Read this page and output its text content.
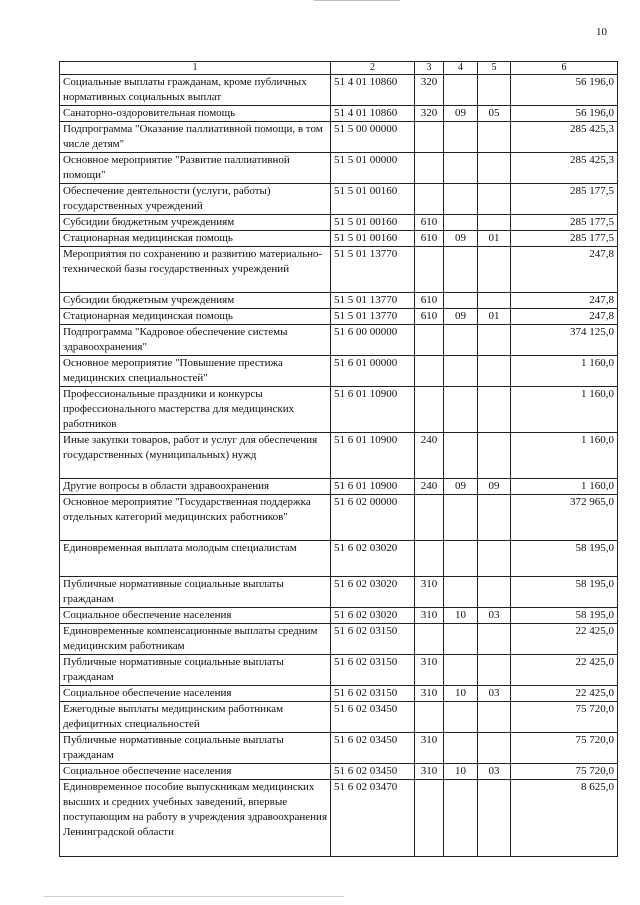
10
1	2	3	4	5	6
Социальные выплаты гражданам, кроме публичных нормативных социальных выплат	51 4 01 10860	320			56 196,0
Санаторно-оздоровительная помощь	51 4 01 10860	320	09	05	56 196,0
Подпрограмма "Оказание паллиативной помощи, в том числе детям"	51 5 00 00000				285 425,3
Основное мероприятие "Развитие паллиативной помощи"	51 5 01 00000				285 425,3
Обеспечение деятельности (услуги, работы) государственных учреждений	51 5 01 00160				285 177,5
Субсидии бюджетным учреждениям	51 5 01 00160	610			285 177,5
Стационарная медицинская помощь	51 5 01 00160	610	09	01	285 177,5
Мероприятия по сохранению и развитию материально-технической базы государственных учреждений	51 5 01 13770				247,8
Субсидии бюджетным учреждениям	51 5 01 13770	610			247,8
Стационарная медицинская помощь	51 5 01 13770	610	09	01	247,8
Подпрограмма "Кадровое обеспечение системы здравоохранения"	51 6 00 00000				374 125,0
Основное мероприятие "Повышение престижа медицинских специальностей"	51 6 01 00000				1 160,0
Профессиональные праздники и конкурсы профессионального мастерства для медицинских работников	51 6 01 10900				1 160,0
Иные закупки товаров, работ и услуг для обеспечения государственных (муниципальных) нужд	51 6 01 10900	240			1 160,0
Другие вопросы в области здравоохранения	51 6 01 10900	240	09	09	1 160,0
Основное мероприятие "Государственная поддержка отдельных категорий медицинских работников"	51 6 02 00000				372 965,0
Единовременная выплата молодым специалистам	51 6 02 03020				58 195,0
Публичные нормативные социальные выплаты гражданам	51 6 02 03020	310			58 195,0
Социальное обеспечение населения	51 6 02 03020	310	10	03	58 195,0
Единовременные компенсационные выплаты средним медицинским работникам	51 6 02 03150				22 425,0
Публичные нормативные социальные выплаты гражданам	51 6 02 03150	310			22 425,0
Социальное обеспечение населения	51 6 02 03150	310	10	03	22 425,0
Ежегодные выплаты медицинским работникам дефицитных специальностей	51 6 02 03450				75 720,0
Публичные нормативные социальные выплаты гражданам	51 6 02 03450	310			75 720,0
Социальное обеспечение населения	51 6 02 03450	310	10	03	75 720,0
Единовременное пособие выпускникам медицинских высших и средних учебных заведений, впервые поступающим на работу в учреждения здравоохранения Ленинградской области	51 6 02 03470				8 625,0
